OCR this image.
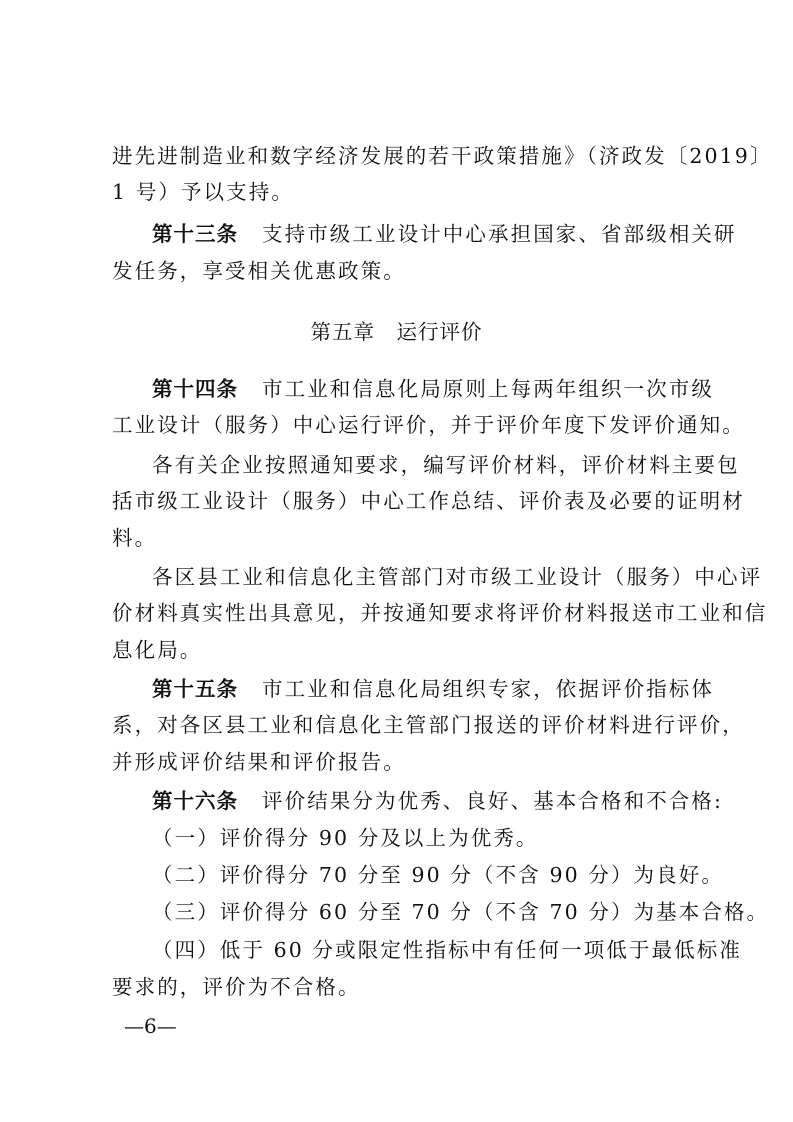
进先进制造业和数字经济发展的若干政策措施》（济政发〔2019〕
1 号）予以支持。
第十三条 支持市级工业设计中心承担国家、省部级相关研
发任务，享受相关优惠政策。
第五章　运行评价
第十四条 市工业和信息化局原则上每两年组织一次市级
工业设计（服务）中心运行评价，并于评价年度下发评价通知。
各有关企业按照通知要求，编写评价材料，评价材料主要包
括市级工业设计（服务）中心工作总结、评价表及必要的证明材
料。
各区县工业和信息化主管部门对市级工业设计（服务）中心评
价材料真实性出具意见，并按通知要求将评价材料报送市工业和信
息化局。
第十五条 市工业和信息化局组织专家，依据评价指标体
系，对各区县工业和信息化主管部门报送的评价材料进行评价，
并形成评价结果和评价报告。
第十六条 评价结果分为优秀、良好、基本合格和不合格:
（一）评价得分 90 分及以上为优秀。
（二）评价得分 70 分至 90 分（不含 90 分）为良好。
（三）评价得分 60 分至 70 分（不含 70 分）为基本合格。
（四）低于 60 分或限定性指标中有任何一项低于最低标准
要求的，评价为不合格。
—6—
